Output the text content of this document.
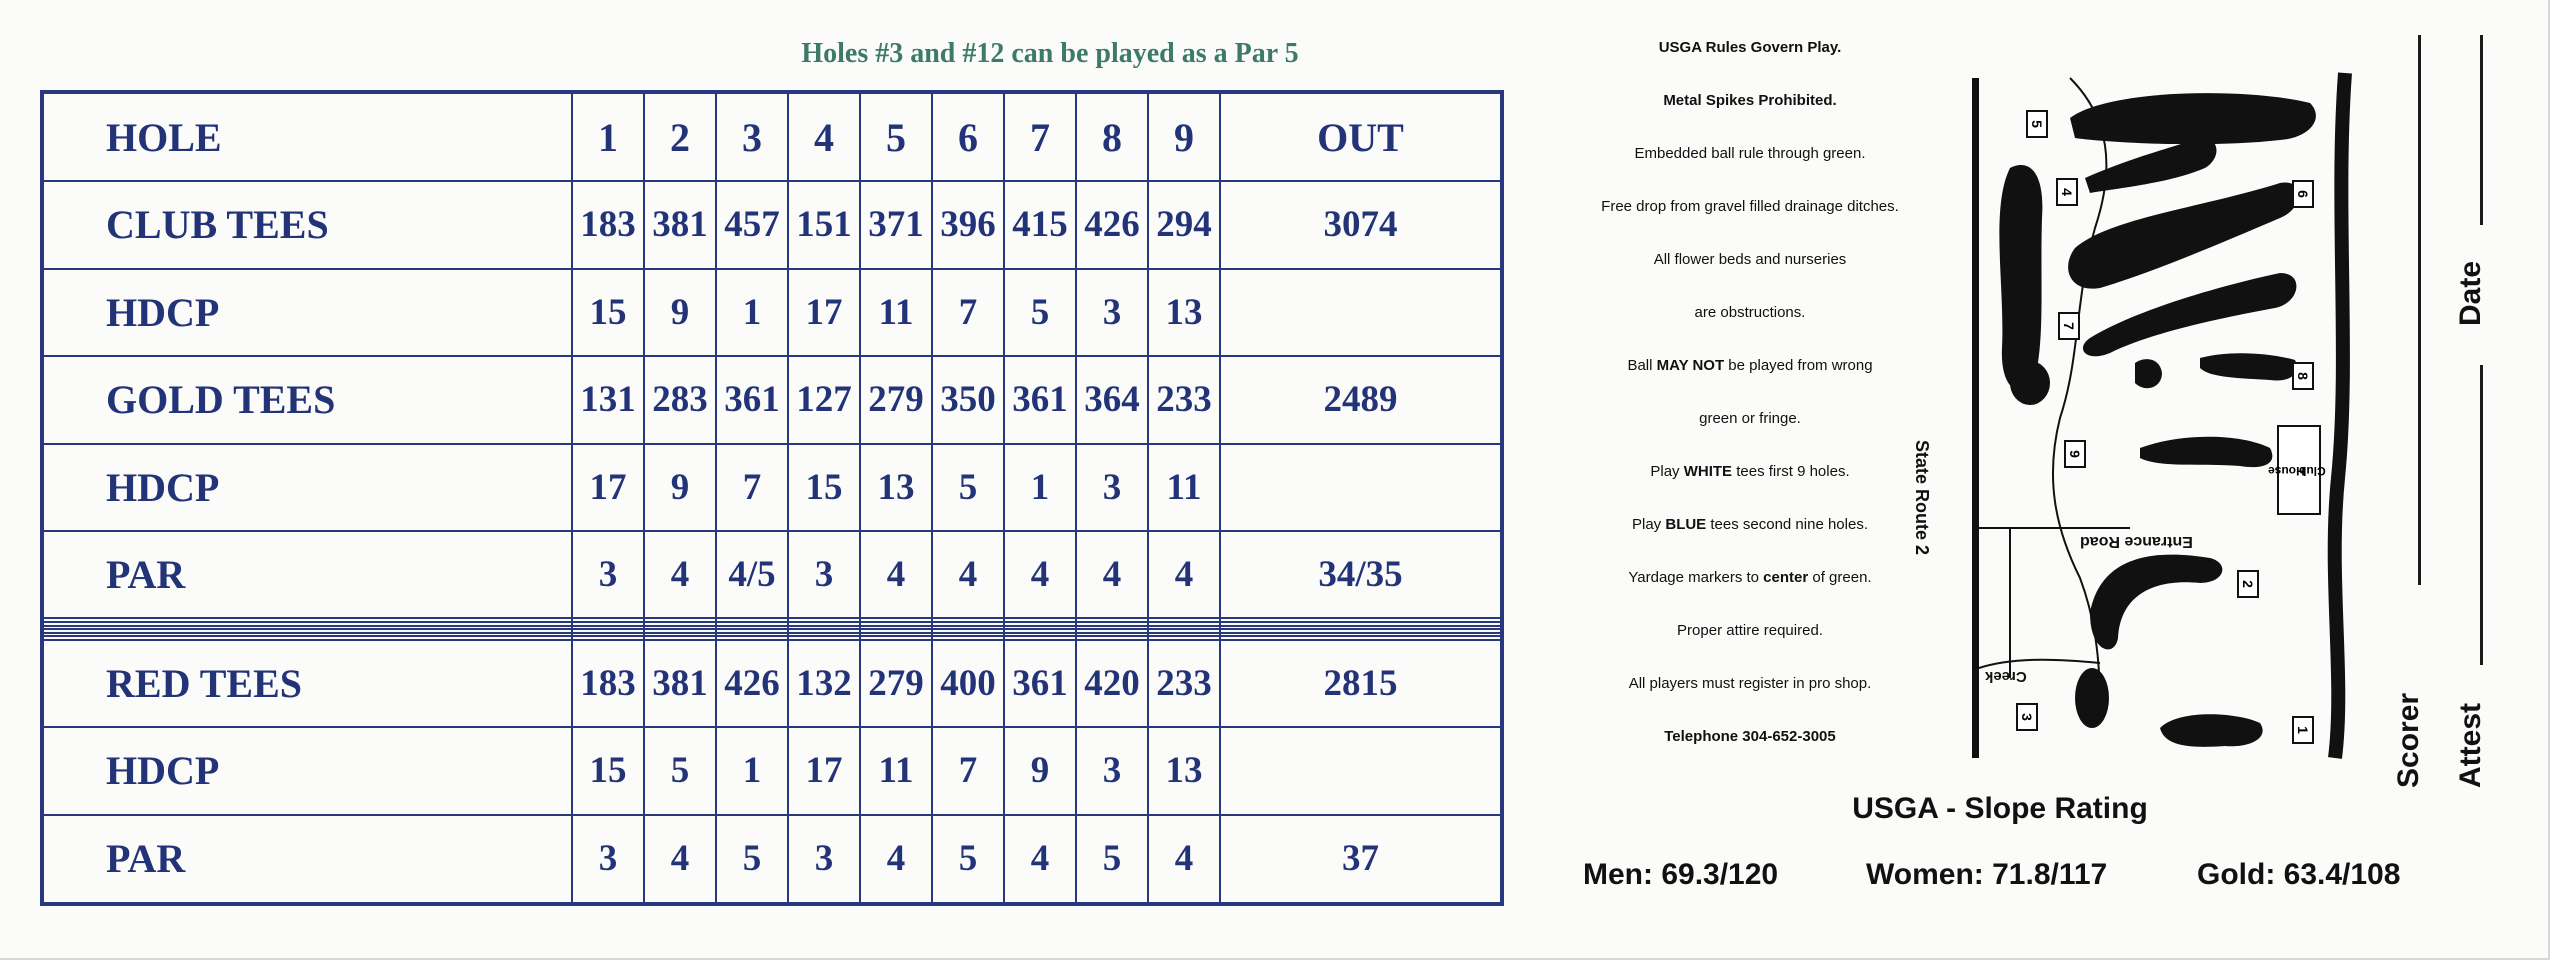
Holes #3 and #12 can be played as a Par 5
HOLE	1	2	3	4	5	6	7	8	9	OUT
CLUB TEES	183	381	457	151	371	396	415	426	294	3074
HDCP	15	9	1	17	11	7	5	3	13	
GOLD TEES	131	283	361	127	279	350	361	364	233	2489
HDCP	17	9	7	15	13	5	1	3	11	
PAR	3	4	4/5	3	4	4	4	4	4	34/35

RED TEES	183	381	426	132	279	400	361	420	233	2815
HDCP	15	5	1	17	11	7	9	3	13	
PAR	3	4	5	3	4	5	4	5	4	37
USGA Rules Govern Play.
Metal Spikes Prohibited.
Embedded ball rule through green.
Free drop from gravel filled drainage ditches.
All flower beds and nurseries
are obstructions.
Ball MAY NOT be played from wrong
green or fringe.
Play WHITE tees first 9 holes.
Play BLUE tees second nine holes.
Yardage markers to center of green.
Proper attire required.
All players must register in pro shop.
Telephone 304-652-3005
State Route 2	Entrance Road
Creek
Club

House
1
2
3
4
5
6
7
8
9
Scorer
Date
Attest
USGA - Slope Rating
Men: 69.3/120	Women: 71.8/117	Gold: 63.4/108
